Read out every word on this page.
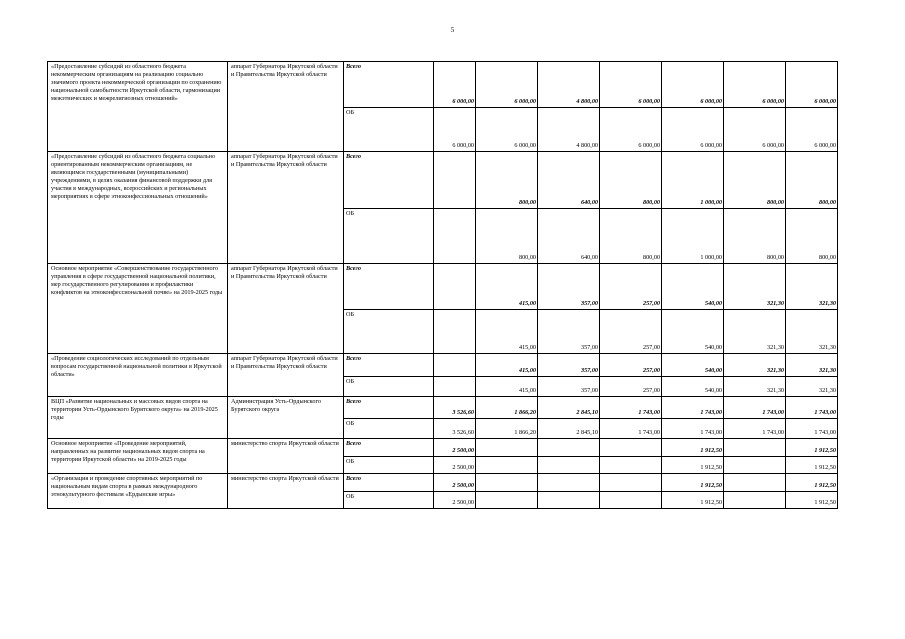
5
«Предоставление субсидий из областного бюджета некоммерческим организациям на реализацию социально значимого проекта некоммерческой организации по сохранению национальной самобытности Иркутской области, гармонизации межэтнических и межрелигиозных отношений»	аппарат Губернатора Иркутской области и Правительства Иркутской области	Всего	6 000,00	6 000,00	4 800,00	6 000,00	6 000,00	6 000,00	6 000,00
		ОБ	6 000,00	6 000,00	4 800,00	6 000,00	6 000,00	6 000,00	6 000,00
«Предоставление субсидий из областного бюджета социально ориентированным некоммерческим организациям, не являющимся государственными (муниципальными) учреждениями, в целях оказания финансовой поддержки для участия в международных, всероссийских и региональных мероприятиях в сфере этноконфессиональных отношений»	аппарат Губернатора Иркутской области и Правительства Иркутской области	Всего		800,00	640,00	800,00	1 000,00	800,00	800,00
		ОБ		800,00	640,00	800,00	1 000,00	800,00	800,00
Основное мероприятие «Совершенствование государственного управления в сфере государственной национальной политики, мер государственного регулирования и профилактики конфликтов на этноконфессиональной почве» на 2019-2025 годы	аппарат Губернатора Иркутской области и Правительства Иркутской области	Всего		415,00	357,00	257,00	540,00	321,30	321,30
		ОБ		415,00	357,00	257,00	540,00	321,30	321,30
«Проведение социологических исследований по отдельным вопросам государственной национальной политики в Иркутской области»	аппарат Губернатора Иркутской области и Правительства Иркутской области	Всего		415,00	357,00	257,00	540,00	321,30	321,30
		ОБ		415,00	357,00	257,00	540,00	321,30	321,30
ВЦП «Развитие национальных и массовых видов спорта на территории Усть-Ордынского Бурятского округа» на 2019-2025 годы	Администрация Усть-Ордынского Бурятского округа	Всего	3 526,60	1 866,20	2 845,10	1 743,00	1 743,00	1 743,00	1 743,00
		ОБ	3 526,60	1 866,20	2 845,10	1 743,00	1 743,00	1 743,00	1 743,00
Основное мероприятие «Проведение мероприятий, направленных на развитие национальных видов спорта на территории Иркутской области» на 2019-2025 годы	министерство спорта Иркутской области	Всего	2 500,00				1 912,50		1 912,50
		ОБ	2 500,00				1 912,50		1 912,50
«Организация и проведение спортивных мероприятий по национальным видам спорта в рамках международного этнокультурного фестиваля «Ердынские игры»	министерство спорта Иркутской области	Всего	2 500,00				1 912,50		1 912,50
		ОБ	2 500,00				1 912,50		1 912,50
